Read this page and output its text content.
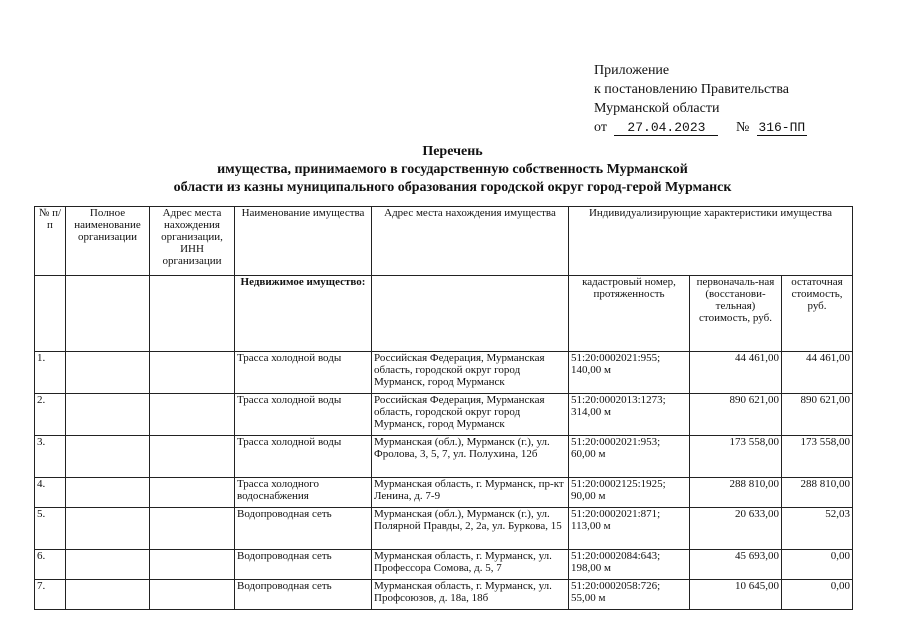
Приложение
к постановлению Правительства
Мурманской области
от 27.04.2023 № 316-ПП
Перечень
имущества, принимаемого в государственную собственность Мурманской
области из казны муниципального образования городской округ город-герой Мурманск
№ п/п	Полное наименование организации	Адрес места нахождения организации, ИНН организации	Наименование имущества	Адрес места нахождения имущества	Индивидуализирующие характеристики имущества		
			Недвижимое имущество:		кадастровый номер, протяженность	первоначаль-ная (восстанови-тельная) стоимость, руб.	остаточная стоимость, руб.
1.			Трасса холодной воды	Российская Федерация, Мурманская область, городской округ город Мурманск, город Мурманск	51:20:0002021:955; 140,00 м	44 461,00	44 461,00
2.			Трасса холодной воды	Российская Федерация, Мурманская область, городской округ город Мурманск, город Мурманск	51:20:0002013:1273; 314,00 м	890 621,00	890 621,00
3.			Трасса холодной воды	Мурманская (обл.), Мурманск (г.), ул. Фролова, 3, 5, 7, ул. Полухина, 12б	51:20:0002021:953; 60,00 м	173 558,00	173 558,00
4.			Трасса холодного водоснабжения	Мурманская область, г. Мурманск, пр-кт Ленина, д. 7-9	51:20:0002125:1925; 90,00 м	288 810,00	288 810,00
5.			Водопроводная сеть	Мурманская (обл.), Мурманск (г.), ул. Полярной Правды, 2, 2а, ул. Буркова, 15	51:20:0002021:871; 113,00 м	20 633,00	52,03
6.			Водопроводная сеть	Мурманская область, г. Мурманск, ул. Профессора Сомова, д. 5, 7	51:20:0002084:643; 198,00 м	45 693,00	0,00
7.			Водопроводная сеть	Мурманская область, г. Мурманск, ул. Профсоюзов, д. 18а, 18б	51:20:0002058:726; 55,00 м	10 645,00	0,00
